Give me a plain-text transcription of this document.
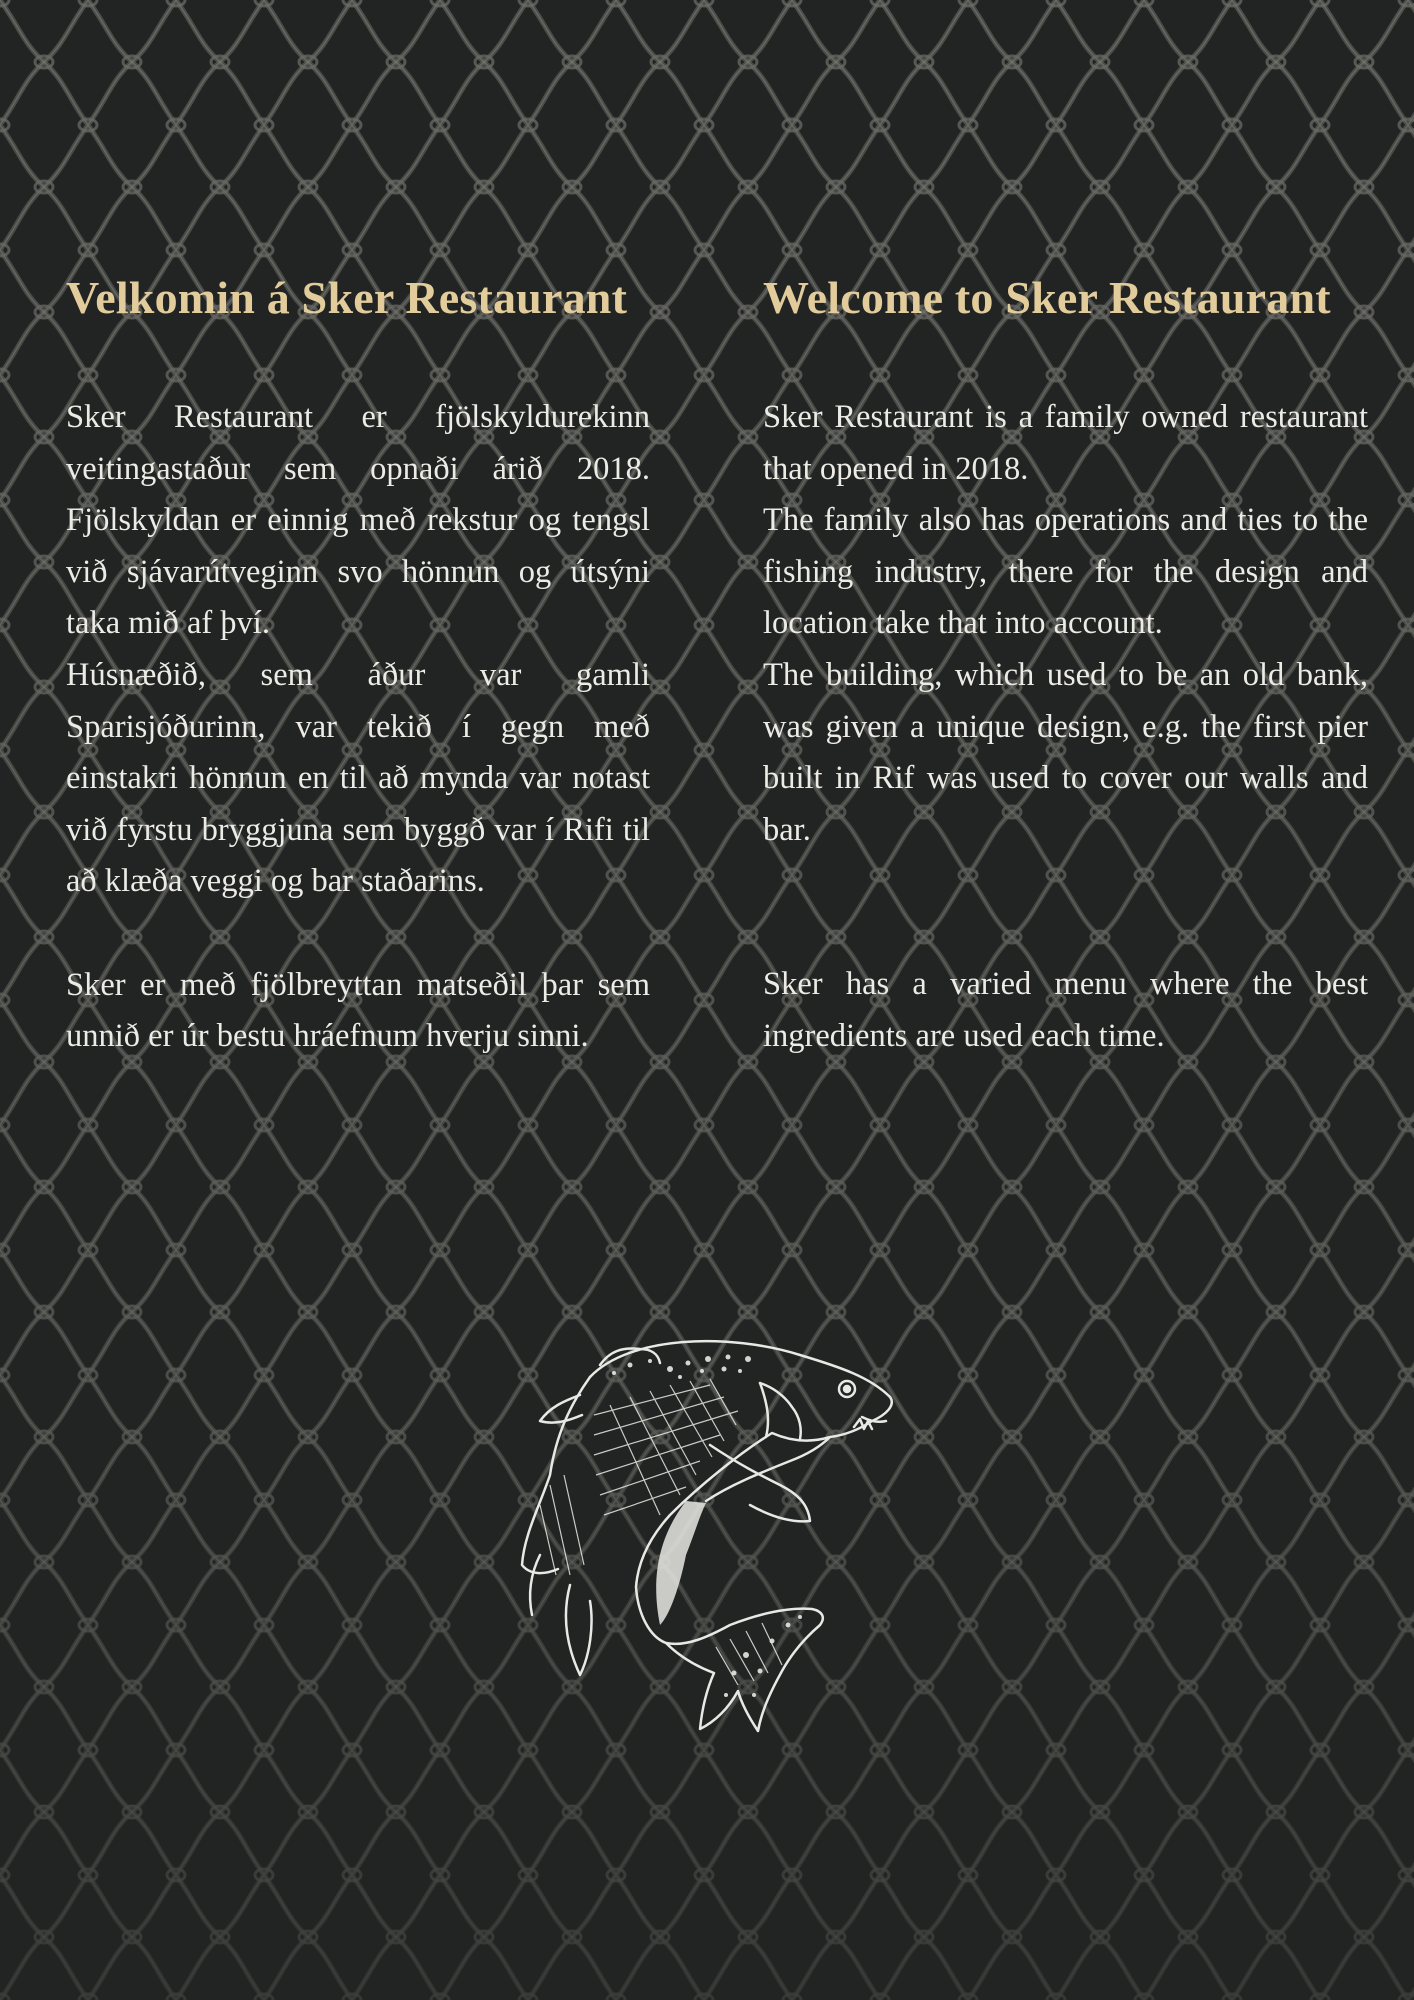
Velkomin á Sker Restaurant

Sker Restaurant er fjölskyldurekinn veitingastaður sem opnaði árið 2018. Fjölskyldan er einnig með rekstur og tengsl við sjávarútveginn svo hönnun og útsýni taka mið af því.

Húsnæðið, sem áður var gamli Sparisjóðurinn, var tekið í gegn með einstakri hönnun en til að mynda var notast við fyrstu bryggjuna sem byggð var í Rifi til að klæða veggi og bar staðarins.

Sker er með fjölbreyttan matseðil þar sem unnið er úr bestu hráefnum hverju sinni.

Welcome to Sker Restaurant

Sker Restaurant is a family owned restaurant that opened in 2018.

The family also has operations and ties to the fishing industry, there for the design and location take that into account.

The building, which used to be an old bank, was given a unique design, e.g. the first pier built in Rif was used to cover our walls and bar.

Sker has a varied menu where the best ingredients are used each time.
